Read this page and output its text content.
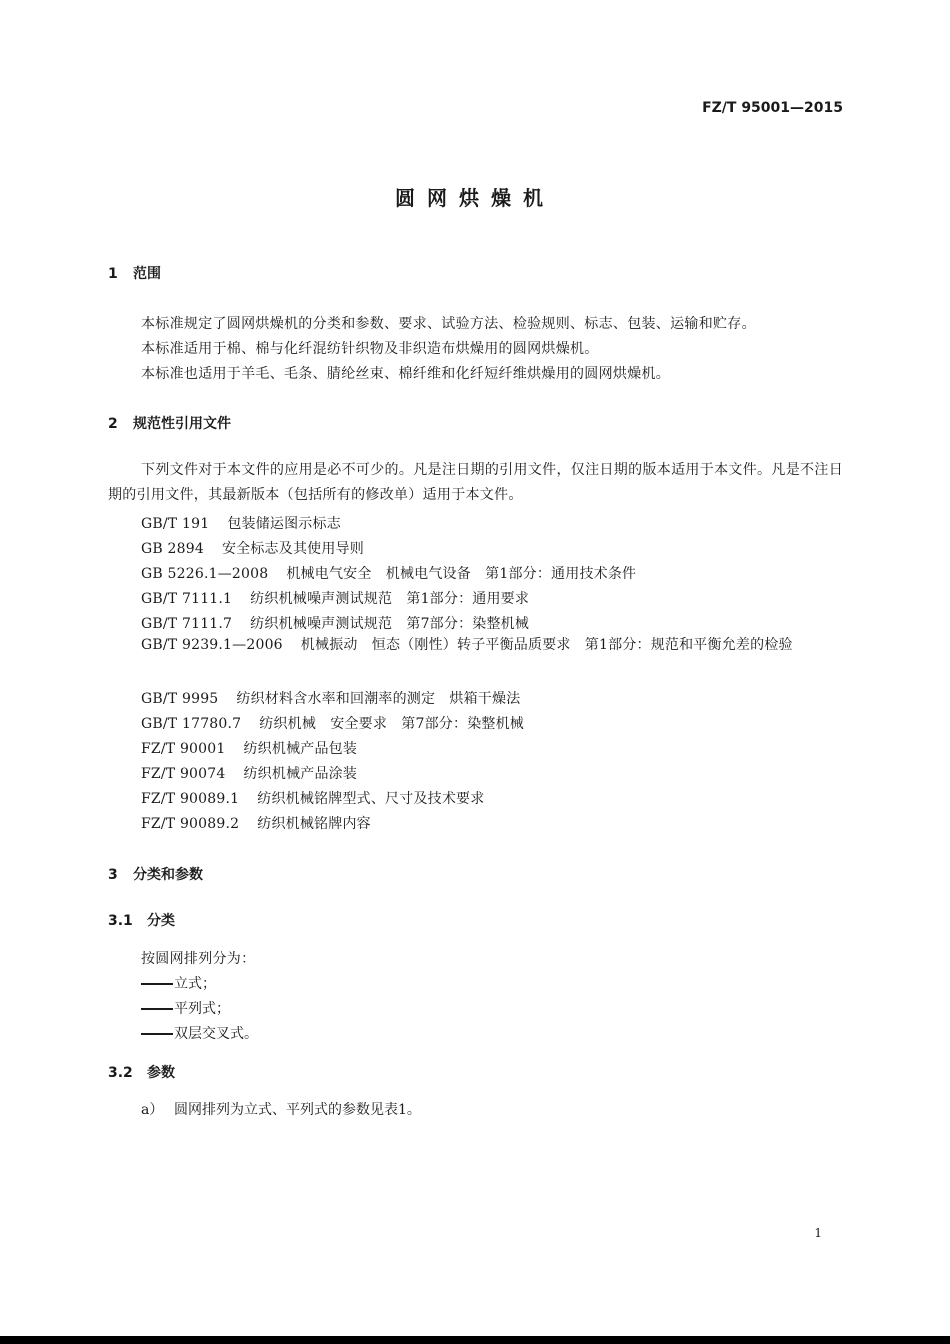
FZ/T 95001—2015
圆网烘燥机
1 范围
本标准规定了圆网烘燥机的分类和参数、要求、试验方法、检验规则、标志、包装、运输和贮存。
本标准适用于棉、棉与化纤混纺针织物及非织造布烘燥用的圆网烘燥机。
本标准也适用于羊毛、毛条、腈纶丝束、棉纤维和化纤短纤维烘燥用的圆网烘燥机。
2 规范性引用文件
下列文件对于本文件的应用是必不可少的。凡是注日期的引用文件，仅注日期的版本适用于本文件。凡是不注日期的引用文件，其最新版本（包括所有的修改单）适用于本文件。
GB/T 191 包装储运图示标志
GB 2894 安全标志及其使用导则
GB 5226.1—2008 机械电气安全　机械电气设备　第1部分：通用技术条件
GB/T 7111.1 纺织机械噪声测试规范　第1部分：通用要求
GB/T 7111.7 纺织机械噪声测试规范　第7部分：染整机械
GB/T 9239.1—2006 机械振动　恒态（刚性）转子平衡品质要求　第1部分：规范和平衡允差的检验
GB/T 9995 纺织材料含水率和回潮率的测定　烘箱干燥法
GB/T 17780.7 纺织机械　安全要求　第7部分：染整机械
FZ/T 90001 纺织机械产品包装
FZ/T 90074 纺织机械产品涂装
FZ/T 90089.1 纺织机械铭牌型式、尺寸及技术要求
FZ/T 90089.2 纺织机械铭牌内容
3 分类和参数
3.1 分类
按圆网排列分为：
立式；
平列式；
双层交叉式。
3.2 参数
a） 圆网排列为立式、平列式的参数见表1。
1
